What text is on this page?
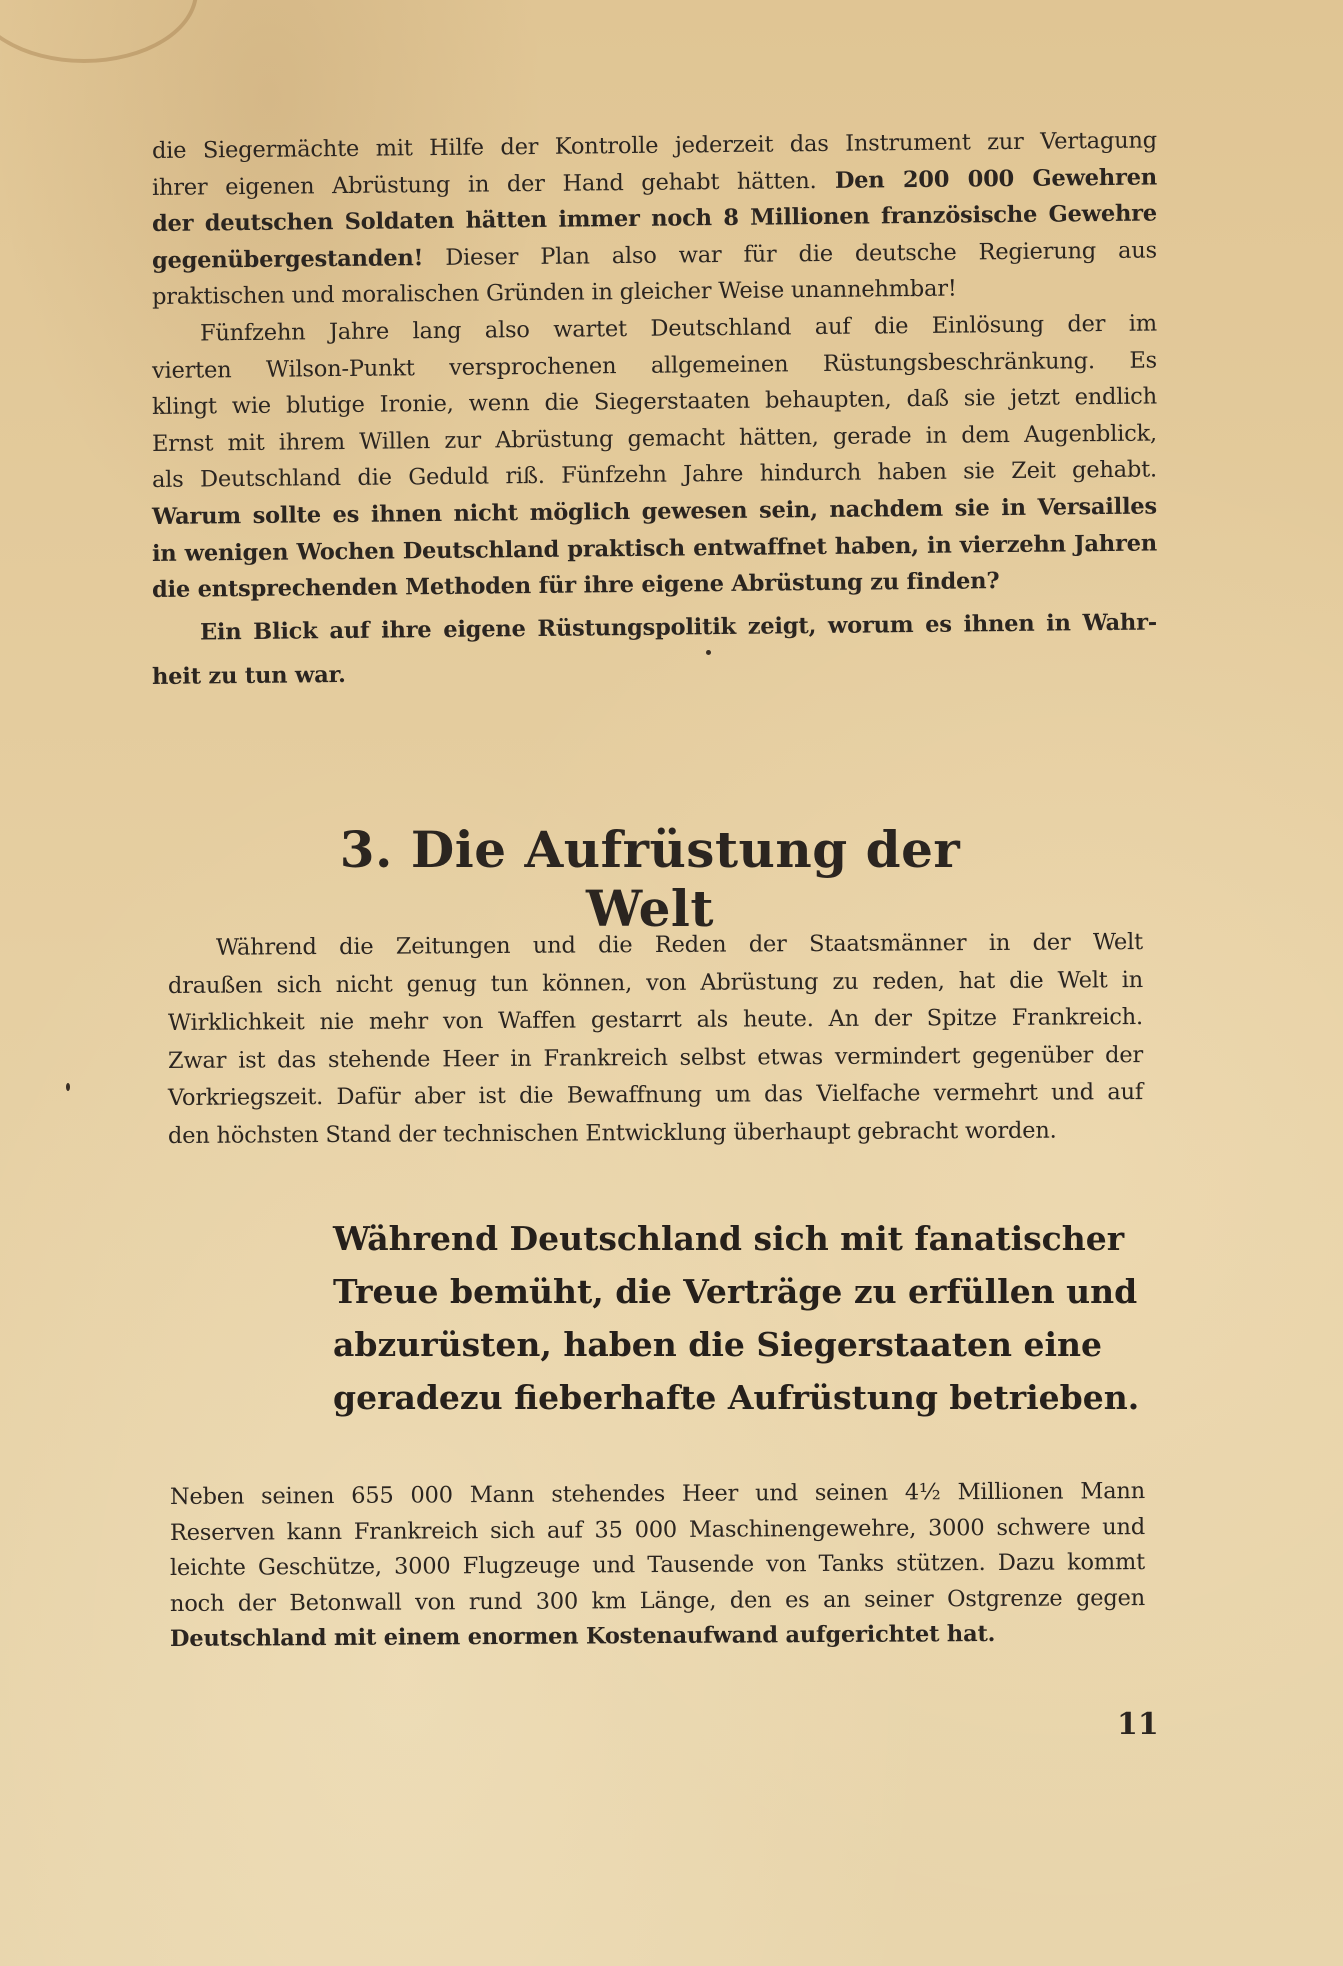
die Siegermächte mit Hilfe der Kontrolle jederzeit das Instrument zur Vertagung
ihrer eigenen Abrüstung in der Hand gehabt hätten. Den 200 000 Gewehren
der deutschen Soldaten hätten immer noch 8 Millionen französische Gewehre
gegenübergestanden! Dieser Plan also war für die deutsche Regierung aus
praktischen und moralischen Gründen in gleicher Weise unannehmbar!

Fünfzehn Jahre lang also wartet Deutschland auf die Einlösung der im
vierten Wilson-Punkt versprochenen allgemeinen Rüstungsbeschränkung. Es
klingt wie blutige Ironie, wenn die Siegerstaaten behaupten, daß sie jetzt endlich
Ernst mit ihrem Willen zur Abrüstung gemacht hätten, gerade in dem Augenblick,
als Deutschland die Geduld riß. Fünfzehn Jahre hindurch haben sie Zeit gehabt.
Warum sollte es ihnen nicht möglich gewesen sein, nachdem sie in Versailles
in wenigen Wochen Deutschland praktisch entwaffnet haben, in vierzehn Jahren
die entsprechenden Methoden für ihre eigene Abrüstung zu finden?

Ein Blick auf ihre eigene Rüstungspolitik zeigt, worum es ihnen in Wahr-
heit zu tun war.

3. Die Aufrüstung der Welt

Während die Zeitungen und die Reden der Staatsmänner in der Welt
draußen sich nicht genug tun können, von Abrüstung zu reden, hat die Welt in
Wirklichkeit nie mehr von Waffen gestarrt als heute. An der Spitze Frankreich.
Zwar ist das stehende Heer in Frankreich selbst etwas vermindert gegenüber der
Vorkriegszeit. Dafür aber ist die Bewaffnung um das Vielfache vermehrt und auf
den höchsten Stand der technischen Entwicklung überhaupt gebracht worden.

Während Deutschland sich mit fanatischer
Treue bemüht, die Verträge zu erfüllen und
abzurüsten, haben die Siegerstaaten eine
geradezu fieberhafte Aufrüstung betrieben.

Neben seinen 655 000 Mann stehendes Heer und seinen 4½ Millionen Mann
Reserven kann Frankreich sich auf 35 000 Maschinengewehre, 3000 schwere und
leichte Geschütze, 3000 Flugzeuge und Tausende von Tanks stützen. Dazu kommt
noch der Betonwall von rund 300 km Länge, den es an seiner Ostgrenze gegen
Deutschland mit einem enormen Kostenaufwand aufgerichtet hat.

11
